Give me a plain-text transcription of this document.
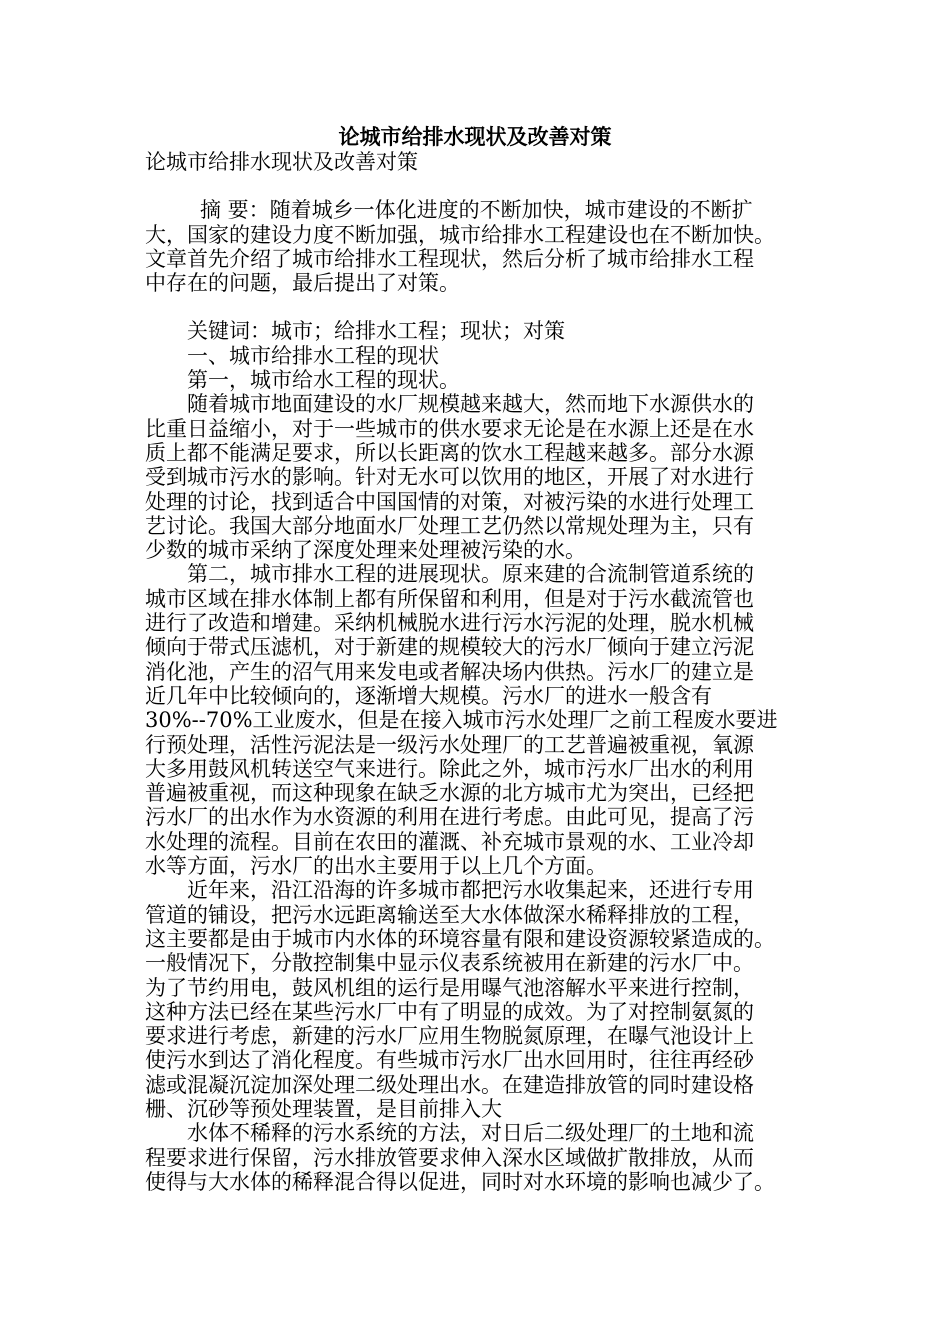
论城市给排水现状及改善对策

论城市给排水现状及改善对策

摘 要：随着城乡一体化进度的不断加快，城市建设的不断扩

大，国家的建设力度不断加强，城市给排水工程建设也在不断加快。

文章首先介绍了城市给排水工程现状，然后分析了城市给排水工程

中存在的问题，最后提出了对策。

关键词：城市；给排水工程；现状；对策

一、城市给排水工程的现状

第一，城市给水工程的现状。

随着城市地面建设的水厂规模越来越大，然而地下水源供水的

比重日益缩小，对于一些城市的供水要求无论是在水源上还是在水

质上都不能满足要求，所以长距离的饮水工程越来越多。部分水源

受到城市污水的影响。针对无水可以饮用的地区，开展了对水进行

处理的讨论，找到适合中国国情的对策，对被污染的水进行处理工

艺讨论。我国大部分地面水厂处理工艺仍然以常规处理为主，只有

少数的城市采纳了深度处理来处理被污染的水。

第二，城市排水工程的进展现状。原来建的合流制管道系统的

城市区域在排水体制上都有所保留和利用，但是对于污水截流管也

进行了改造和增建。采纳机械脱水进行污水污泥的处理，脱水机械

倾向于带式压滤机，对于新建的规模较大的污水厂倾向于建立污泥

消化池，产生的沼气用来发电或者解决场内供热。污水厂的建立是

近几年中比较倾向的，逐渐增大规模。污水厂的进水一般含有

30%--70%工业废水，但是在接入城市污水处理厂之前工程废水要进

行预处理，活性污泥法是一级污水处理厂的工艺普遍被重视，氧源

大多用鼓风机转送空气来进行。除此之外，城市污水厂出水的利用

普遍被重视，而这种现象在缺乏水源的北方城市尤为突出，已经把

污水厂的出水作为水资源的利用在进行考虑。由此可见，提高了污

水处理的流程。目前在农田的灌溉、补充城市景观的水、工业冷却

水等方面，污水厂的出水主要用于以上几个方面。

近年来，沿江沿海的许多城市都把污水收集起来，还进行专用

管道的铺设，把污水远距离输送至大水体做深水稀释排放的工程，

这主要都是由于城市内水体的环境容量有限和建设资源较紧造成的。

一般情况下，分散控制集中显示仪表系统被用在新建的污水厂中。

为了节约用电，鼓风机组的运行是用曝气池溶解水平来进行控制，

这种方法已经在某些污水厂中有了明显的成效。为了对控制氨氮的

要求进行考虑，新建的污水厂应用生物脱氮原理，在曝气池设计上

使污水到达了消化程度。有些城市污水厂出水回用时，往往再经砂

滤或混凝沉淀加深处理二级处理出水。在建造排放管的同时建设格

栅、沉砂等预处理装置，是目前排入大

水体不稀释的污水系统的方法，对日后二级处理厂的土地和流

程要求进行保留，污水排放管要求伸入深水区域做扩散排放，从而

使得与大水体的稀释混合得以促进，同时对水环境的影响也减少了。
